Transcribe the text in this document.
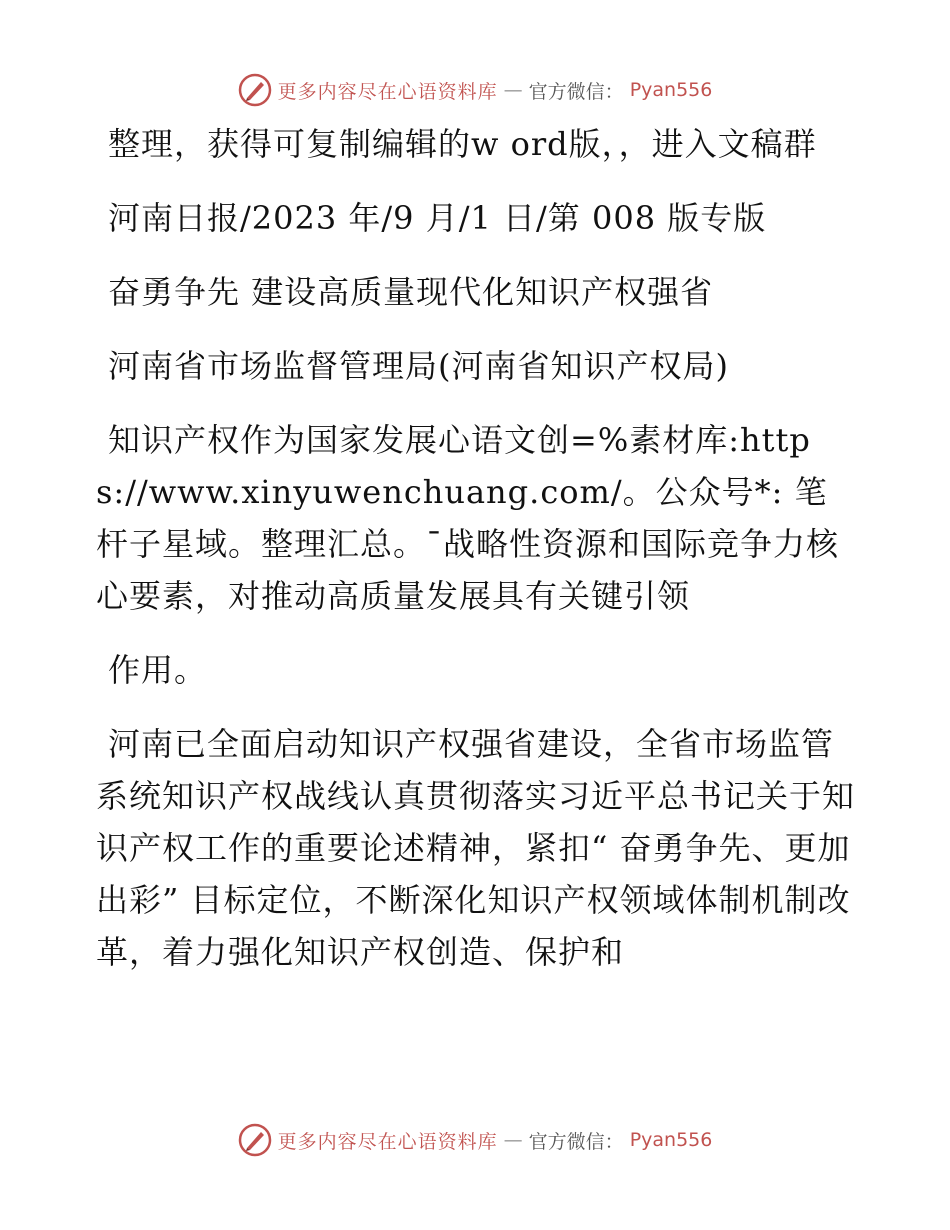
更多内容尽在心语资料库 — 官方微信： Pyan556

整理，获得可复制编辑的w ord版，，进入文稿群

河南日报/2023 年/9 月/1 日/第 008 版专版

奋勇争先 建设高质量现代化知识产权强省

河南省市场监督管理局(河南省知识产权局)

知识产权作为国家发展心语文创=%素材库:https://www.xinyuwenchuang.com/。公众号*: 笔杆子星域。整理汇总。¯战略性资源和国际竞争力核心要素，对推动高质量发展具有关键引领

作用。

河南已全面启动知识产权强省建设，全省市场监管系统知识产权战线认真贯彻落实习近平总书记关于知识产权工作的重要论述精神，紧扣“ 奋勇争先、更加出彩” 目标定位，不断深化知识产权领域体制机制改革，着力强化知识产权创造、保护和

更多内容尽在心语资料库 — 官方微信： Pyan556
